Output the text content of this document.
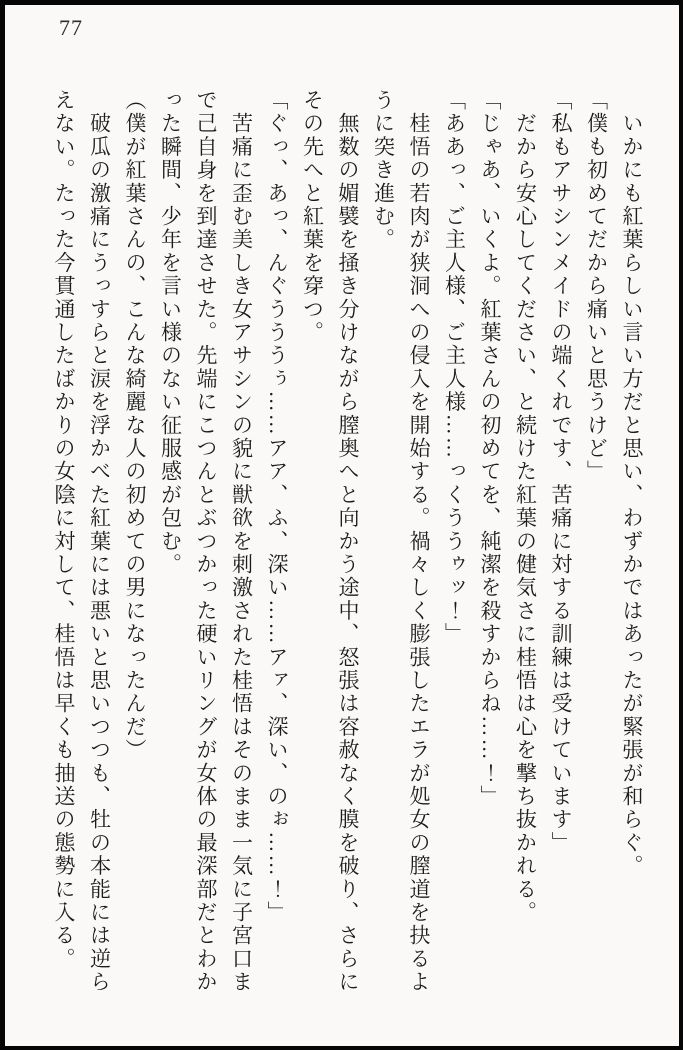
77

　いかにも紅葉らしい言い方だと思い、わずかではあったが緊張が和らぐ。

「僕も初めてだから痛いと思うけど」

「私もアサシンメイドの端くれです、苦痛に対する訓練は受けています」

　だから安心してください、と続けた紅葉の健気さに桂悟は心を撃ち抜かれる。

「じゃあ、いくよ。紅葉さんの初めてを、純潔を殺すからね……！」

「ああっ、ご主人様、ご主人様……っくううゥッ！」

　桂悟の若肉が狭洞への侵入を開始する。禍々しく膨張したエラが処女の膣道を抉るように突き進む。

　無数の媚襞を掻き分けながら膣奥へと向かう途中、怒張は容赦なく膜を破り、さらにその先へと紅葉を穿つ。

「ぐっ、あっ、んぐうううぅ……アア、ふ、深い……アァ、深い、のぉ……！」

　苦痛に歪む美しき女アサシンの貌に獣欲を刺激された桂悟はそのまま一気に子宮口まで己自身を到達させた。先端にこつんとぶつかった硬いリングが女体の最深部だとわかった瞬間、少年を言い様のない征服感が包む。

（僕が紅葉さんの、こんな綺麗な人の初めての男になったんだ）

　破瓜の激痛にうっすらと涙を浮かべた紅葉には悪いと思いつつも、牡の本能には逆らえない。たった今貫通したばかりの女陰に対して、桂悟は早くも抽送の態勢に入る。
